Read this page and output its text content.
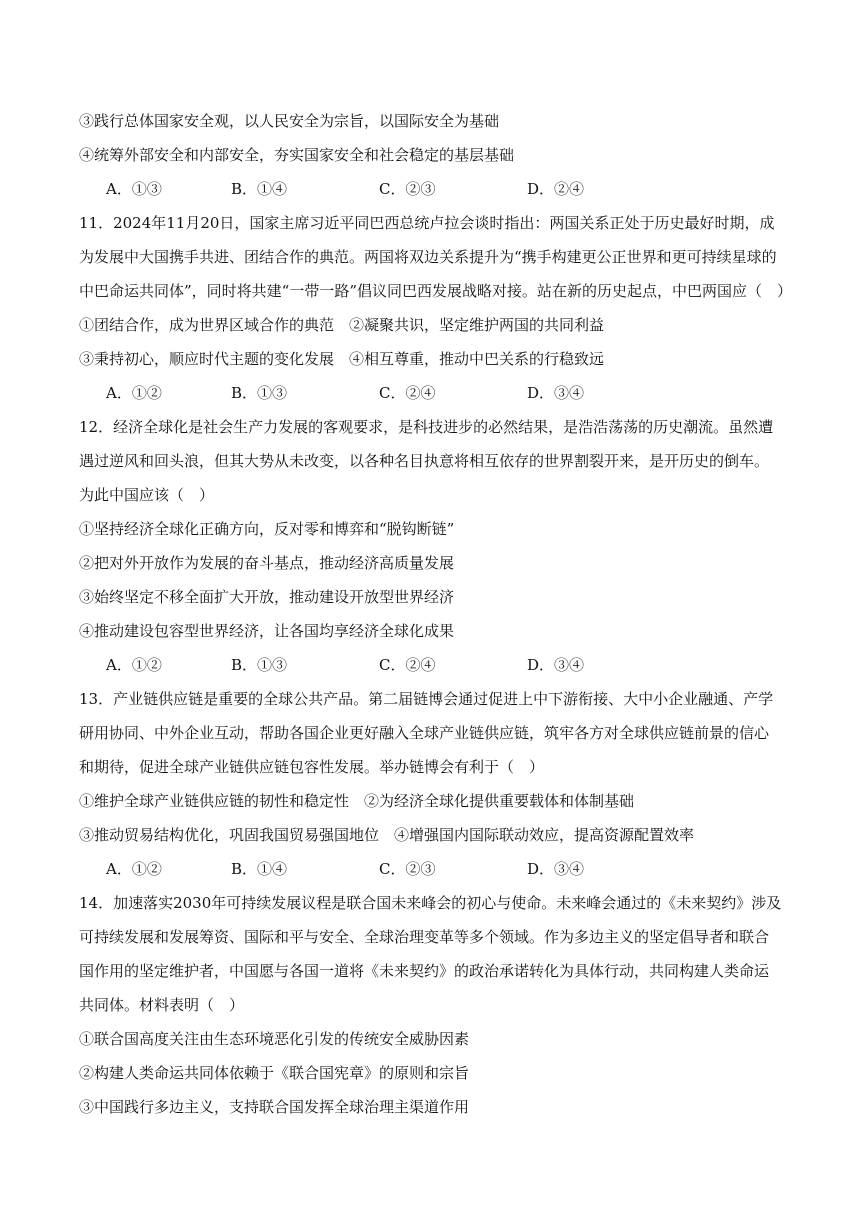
③践行总体国家安全观，以人民安全为宗旨，以国际安全为基础
④统筹外部安全和内部安全，夯实国家安全和社会稳定的基层基础
A．①③	B．①④	C．②③	D．②④
11．2024年11月20日，国家主席习近平同巴西总统卢拉会谈时指出：两国关系正处于历史最好时期，成
为发展中大国携手共进、团结合作的典范。两国将双边关系提升为“携手构建更公正世界和更可持续星球的
中巴命运共同体”，同时将共建“一带一路”倡议同巴西发展战略对接。站在新的历史起点，中巴两国应（　）
①团结合作，成为世界区域合作的典范　②凝聚共识，坚定维护两国的共同利益
③秉持初心，顺应时代主题的变化发展　④相互尊重，推动中巴关系的行稳致远
A．①②	B．①③	C．②④	D．③④
12．经济全球化是社会生产力发展的客观要求，是科技进步的必然结果，是浩浩荡荡的历史潮流。虽然遭
遇过逆风和回头浪，但其大势从未改变，以各种名目执意将相互依存的世界割裂开来，是开历史的倒车。
为此中国应该（　）
①坚持经济全球化正确方向，反对零和博弈和“脱钩断链”
②把对外开放作为发展的奋斗基点，推动经济高质量发展
③始终坚定不移全面扩大开放，推动建设开放型世界经济
④推动建设包容型世界经济，让各国均享经济全球化成果
A．①②	B．①③	C．②④	D．③④
13．产业链供应链是重要的全球公共产品。第二届链博会通过促进上中下游衔接、大中小企业融通、产学
研用协同、中外企业互动，帮助各国企业更好融入全球产业链供应链，筑牢各方对全球供应链前景的信心
和期待，促进全球产业链供应链包容性发展。举办链博会有利于（　）
①维护全球产业链供应链的韧性和稳定性　②为经济全球化提供重要载体和体制基础
③推动贸易结构优化，巩固我国贸易强国地位　④增强国内国际联动效应，提高资源配置效率
A．①②	B．①④	C．②③	D．③④
14．加速落实2030年可持续发展议程是联合国未来峰会的初心与使命。未来峰会通过的《未来契约》涉及
可持续发展和发展筹资、国际和平与安全、全球治理变革等多个领域。作为多边主义的坚定倡导者和联合
国作用的坚定维护者，中国愿与各国一道将《未来契约》的政治承诺转化为具体行动，共同构建人类命运
共同体。材料表明（　）
①联合国高度关注由生态环境恶化引发的传统安全威胁因素
②构建人类命运共同体依赖于《联合国宪章》的原则和宗旨
③中国践行多边主义，支持联合国发挥全球治理主渠道作用
